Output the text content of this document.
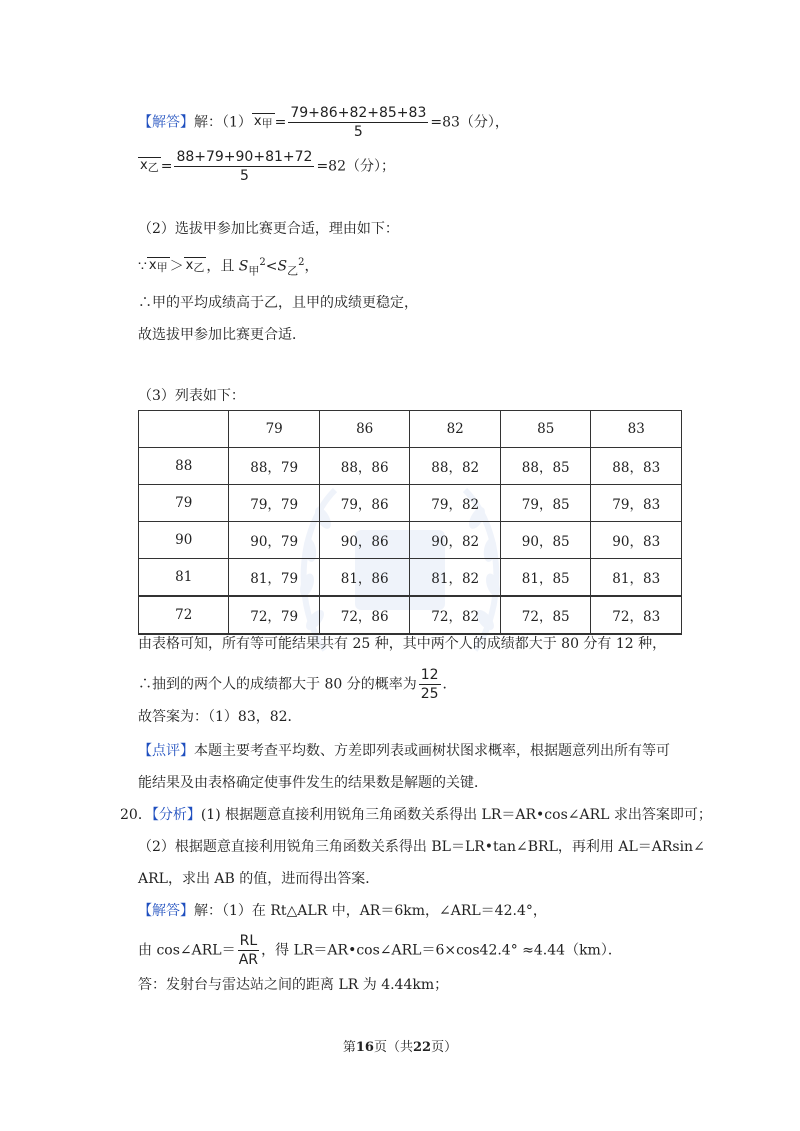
【解答】解：（1） $x_甲 = \frac{79+86+82+85+83}{5} =83$（分），
$x_乙 = \frac{88+79+90+81+72}{5} =82$（分）；
（2）选拔甲参加比赛更合适，理由如下：
∵ $x_甲 > x_乙$ ，且 $S_甲^2<S_乙^2$，
∴甲的平均成绩高于乙，且甲的成绩更稳定，
故选拔甲参加比赛更合适．
（3）列表如下：
	79	86	82	85	83
88	88，79	88，86	88，82	88，85	88，83
79	79，79	79，86	79，82	79，85	79，83
90	90，79	90，86	90，82	90，85	90，83
81	81，79	81，86	81，82	81，85	81，83
72	72，79	72，86	72，82	72，85	72，83
由表格可知，所有等可能结果共有 25 种，其中两个人的成绩都大于 80 分有 12 种，
∴抽到的两个人的成绩都大于 80 分的概率为 $\frac{12}{25}$ ．
故答案为：（1）83，82．
【点评】本题主要考查平均数、方差即列表或画树状图求概率，根据题意列出所有等可
能结果及由表格确定使事件发生的结果数是解题的关键．
20．【分析】(1) 根据题意直接利用锐角三角函数关系得出 LR＝AR•cos∠ARL 求出答案即可；
（2）根据题意直接利用锐角三角函数关系得出 BL＝LR•tan∠BRL，再利用 AL＝ARsin∠
ARL，求出 AB 的值，进而得出答案．
【解答】解：（1）在 Rt△ALR 中，AR＝6km，∠ARL＝42.4°，
由 cos∠ARL＝ $\frac{RL}{AR}$ ，得 LR＝AR•cos∠ARL＝6×cos42.4° ≈4.44（km）．
答：发射台与雷达站之间的距离 LR 为 4.44km；
第16页（共22页）
